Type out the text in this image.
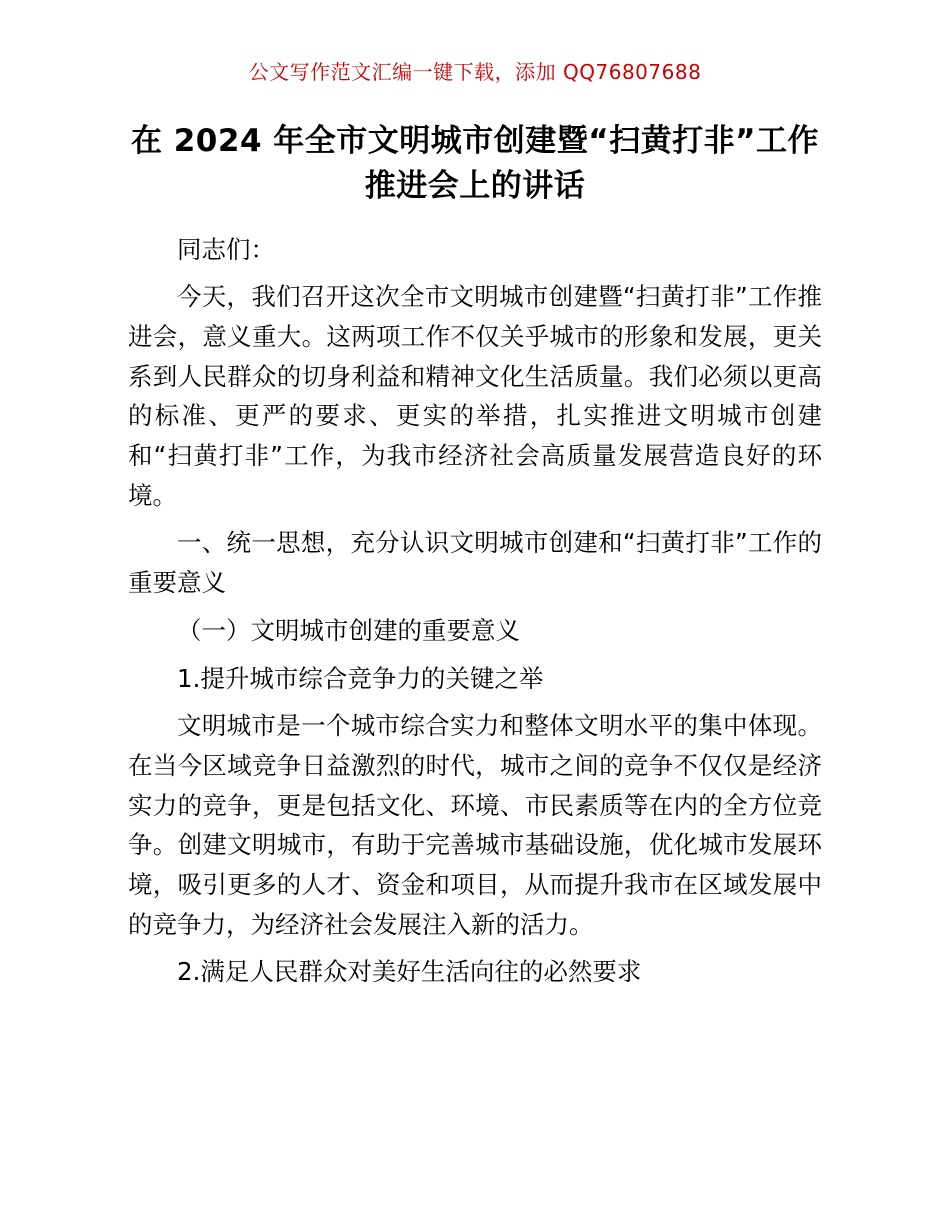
公文写作范文汇编一键下载，添加 QQ76807688
在 2024 年全市文明城市创建暨“扫黄打非”工作推进会上的讲话

同志们：

今天，我们召开这次全市文明城市创建暨“扫黄打非”工作推进会，意义重大。这两项工作不仅关乎城市的形象和发展，更关系到人民群众的切身利益和精神文化生活质量。我们必须以更高的标准、更严的要求、更实的举措，扎实推进文明城市创建和“扫黄打非”工作，为我市经济社会高质量发展营造良好的环境。

一、统一思想，充分认识文明城市创建和“扫黄打非”工作的重要意义

（一）文明城市创建的重要意义

1.提升城市综合竞争力的关键之举

文明城市是一个城市综合实力和整体文明水平的集中体现。在当今区域竞争日益激烈的时代，城市之间的竞争不仅仅是经济实力的竞争，更是包括文化、环境、市民素质等在内的全方位竞争。创建文明城市，有助于完善城市基础设施，优化城市发展环境，吸引更多的人才、资金和项目，从而提升我市在区域发展中的竞争力，为经济社会发展注入新的活力。

2.满足人民群众对美好生活向往的必然要求
